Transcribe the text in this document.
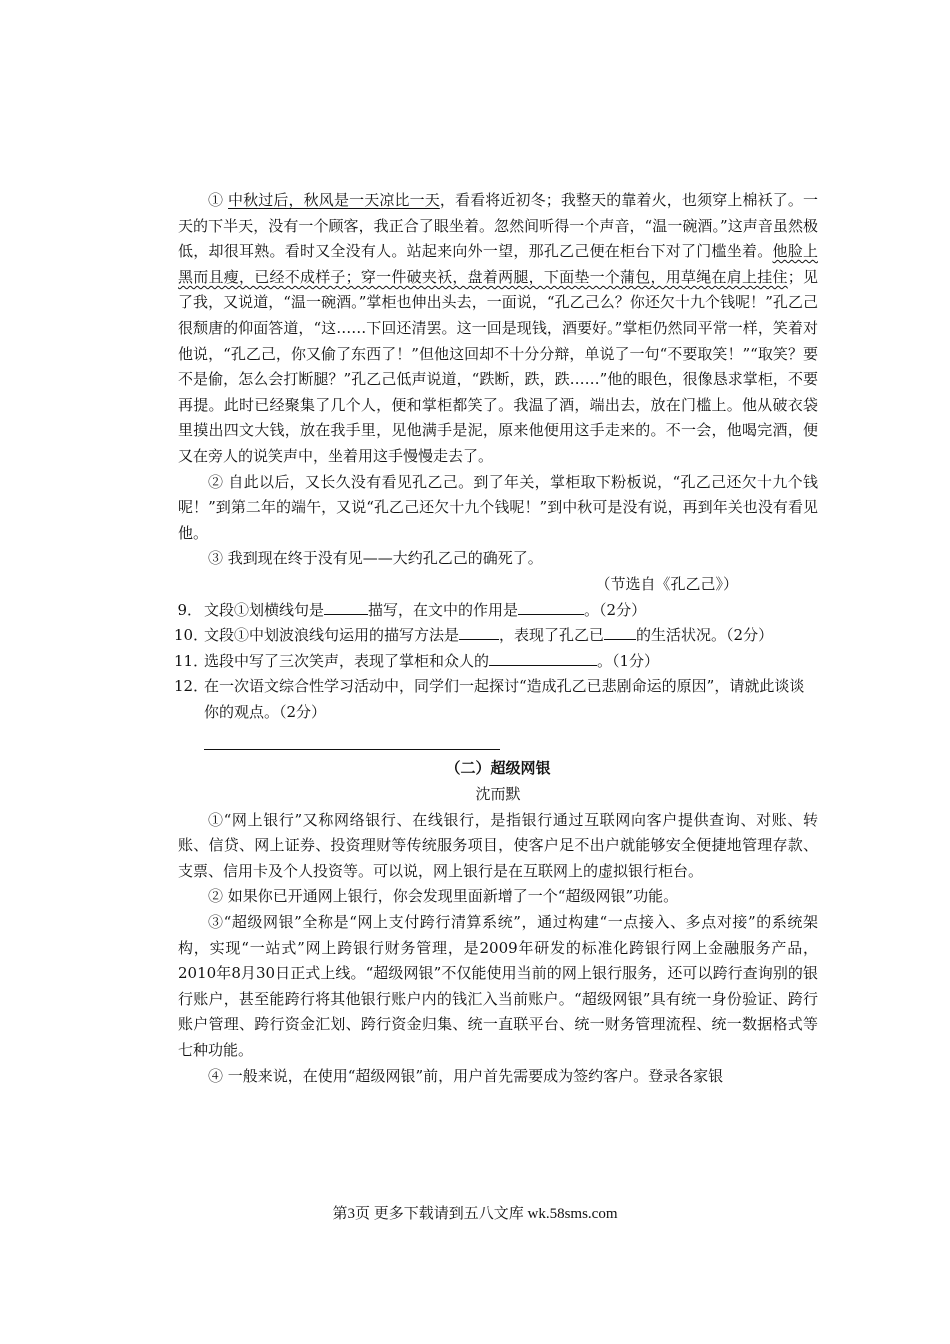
① 中秋过后，秋风是一天凉比一天，看看将近初冬；我整天的靠着火，也须穿上棉袄了。一天的下半天，没有一个顾客，我正合了眼坐着。忽然间听得一个声音，“温一碗酒。”这声音虽然极低，却很耳熟。看时又全没有人。站起来向外一望，那孔乙己便在柜台下对了门槛坐着。他脸上黑而且瘦，已经不成样子；穿一件破夹袄，盘着两腿，下面垫一个蒲包，用草绳在肩上挂住；见了我，又说道，“温一碗酒。”掌柜也伸出头去，一面说，“孔乙己么？你还欠十九个钱呢！”孔乙己很颓唐的仰面答道，“这……下回还清罢。这一回是现钱，酒要好。”掌柜仍然同平常一样，笑着对他说，“孔乙己，你又偷了东西了！”但他这回却不十分分辩，单说了一句“不要取笑！”“取笑？要不是偷，怎么会打断腿？”孔乙己低声说道，“跌断，跌，跌……”他的眼色，很像恳求掌柜，不要再提。此时已经聚集了几个人，便和掌柜都笑了。我温了酒，端出去，放在门槛上。他从破衣袋里摸出四文大钱，放在我手里，见他满手是泥，原来他便用这手走来的。不一会，他喝完酒，便又在旁人的说笑声中，坐着用这手慢慢走去了。

② 自此以后，又长久没有看见孔乙己。到了年关，掌柜取下粉板说，“孔乙己还欠十九个钱呢！”到第二年的端午，又说“孔乙己还欠十九个钱呢！”到中秋可是没有说，再到年关也没有看见他。

③ 我到现在终于没有见——大约孔乙己的确死了。

（节选自《孔乙己》）

9． 文段①划横线句是	描写，在文中的作用是	。（2分）

10．
文段①中划波浪线句运用的描写方法是	，表现了孔乙已 的生活状况。（2分）

11．
选段中写了三次笑声，表现了掌柜和众人的	。（1分）

12．
在一次语文综合性学习活动中，同学们一起探讨“造成孔乙已悲剧命运的原因”，请就此谈谈你的观点。（2分）

（二）超级网银

沈而默

①“网上银行”又称网络银行、在线银行，是指银行通过互联网向客户提供查询、对账、转账、信贷、网上证券、投资理财等传统服务项目，使客户足不出户就能够安全便捷地管理存款、支票、信用卡及个人投资等。可以说，网上银行是在互联网上的虚拟银行柜台。

② 如果你已开通网上银行，你会发现里面新增了一个“超级网银”功能。

③“超级网银”全称是“网上支付跨行清算系统”，通过构建“一点接入、多点对接”的系统架构，实现“一站式”网上跨银行财务管理，是2009年研发的标准化跨银行网上金融服务产品，2010年8月30日正式上线。“超级网银”不仅能使用当前的网上银行服务，还可以跨行查询别的银行账户，甚至能跨行将其他银行账户内的钱汇入当前账户。“超级网银”具有统一身份验证、跨行账户管理、跨行资金汇划、跨行资金归集、统一直联平台、统一财务管理流程、统一数据格式等七种功能。

④ 一般来说，在使用“超级网银”前，用户首先需要成为签约客户。登录各家银

第3页 更多下载请到五八文库 wk.58sms.com
